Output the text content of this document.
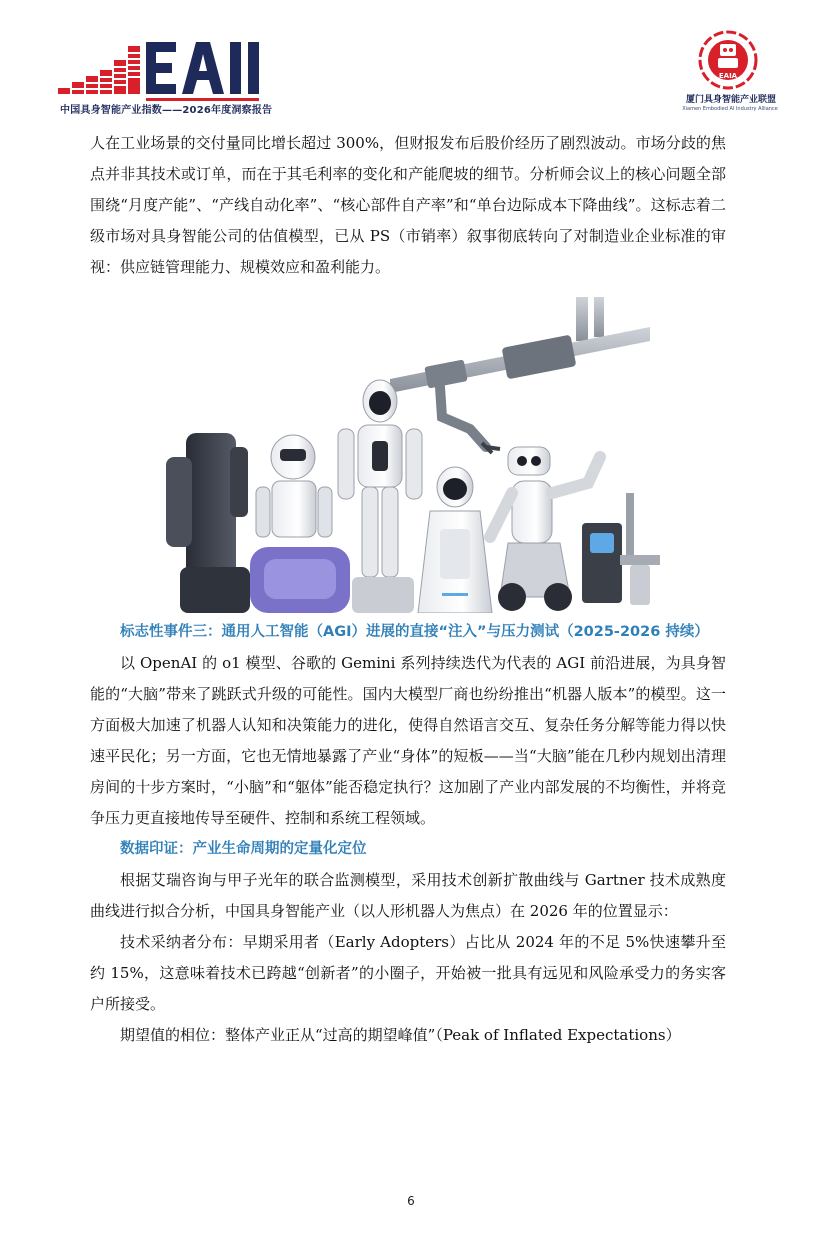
中国具身智能产业指数——2026年度洞察报告
EAIA
厦门具身智能产业联盟
Xiamen Embodied AI Industry Alliance

人在工业场景的交付量同比增长超过 300%，但财报发布后股价经历了剧烈波动。市场分歧的焦点并非其技术或订单，而在于其毛利率的变化和产能爬坡的细节。分析师会议上的核心问题全部围绕“月度产能”、“产线自动化率”、“核心部件自产率”和“单台边际成本下降曲线”。这标志着二级市场对具身智能公司的估值模型，已从 PS（市销率）叙事彻底转向了对制造业企业标准的审视：供应链管理能力、规模效应和盈利能力。

标志性事件三：通用人工智能（AGI）进展的直接“注入”与压力测试（2025-2026 持续）

以 OpenAI 的 o1 模型、谷歌的 Gemini 系列持续迭代为代表的 AGI 前沿进展，为具身智能的“大脑”带来了跳跃式升级的可能性。国内大模型厂商也纷纷推出“机器人版本”的模型。这一方面极大加速了机器人认知和决策能力的进化，使得自然语言交互、复杂任务分解等能力得以快速平民化；另一方面，它也无情地暴露了产业“身体”的短板——当“大脑”能在几秒内规划出清理房间的十步方案时，“小脑”和“躯体”能否稳定执行？这加剧了产业内部发展的不均衡性，并将竞争压力更直接地传导至硬件、控制和系统工程领域。

数据印证：产业生命周期的定量化定位

根据艾瑞咨询与甲子光年的联合监测模型，采用技术创新扩散曲线与 Gartner 技术成熟度曲线进行拟合分析，中国具身智能产业（以人形机器人为焦点）在 2026 年的位置显示：

技术采纳者分布：早期采用者（Early Adopters）占比从 2024 年的不足 5%快速攀升至约 15%，这意味着技术已跨越“创新者”的小圈子，开始被一批具有远见和风险承受力的务实客户所接受。

期望值的相位：整体产业正从“过高的期望峰值”（Peak of Inflated Expectations）

6
